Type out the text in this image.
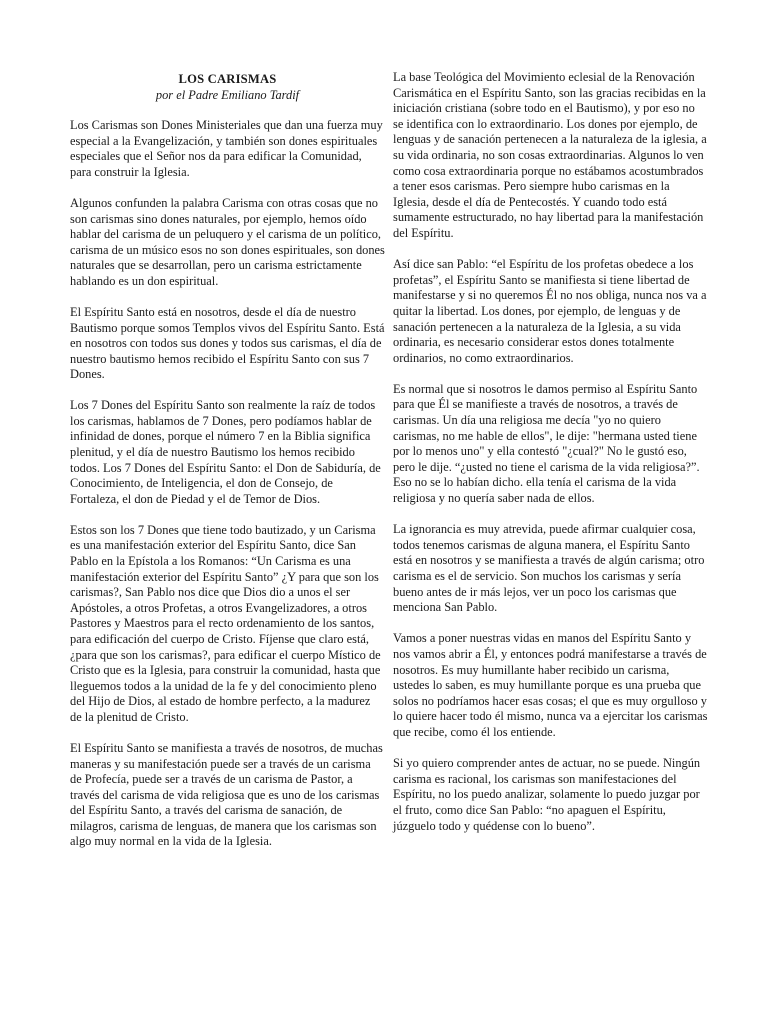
LOS CARISMAS
por el Padre Emiliano Tardif

Los Carismas son Dones Ministeriales que dan una fuerza muy especial a la Evangelización, y también son dones espirituales especiales que el Señor nos da para edificar la Comunidad, para construir la Iglesia.

Algunos confunden la palabra Carisma con otras cosas que no son carismas sino dones naturales, por ejemplo, hemos oído hablar del carisma de un peluquero y el carisma de un político, carisma de un músico esos no son dones espirituales, son dones naturales que se desarrollan, pero un carisma estrictamente hablando es un don espiritual.

El Espíritu Santo está en nosotros, desde el día de nuestro Bautismo porque somos Templos vivos del Espíritu Santo. Está en nosotros con todos sus dones y todos sus carismas, el día de nuestro bautismo hemos recibido el Espíritu Santo con sus 7 Dones.

Los 7 Dones del Espíritu Santo son realmente la raíz de todos los carismas, hablamos de 7 Dones, pero podíamos hablar de infinidad de dones, porque el número 7 en la Biblia significa plenitud, y el día de nuestro Bautismo los hemos recibido todos. Los 7 Dones del Espíritu Santo: el Don de Sabiduría, de Conocimiento, de Inteligencia, el don de Consejo, de Fortaleza, el don de Piedad y el de Temor de Dios.

Estos son los 7 Dones que tiene todo bautizado, y un Carisma es una manifestación exterior del Espíritu Santo, dice San Pablo en la Epístola a los Romanos: “Un Carisma es una manifestación exterior del Espíritu Santo” ¿Y para que son los carismas?, San Pablo nos dice que Dios dio a unos el ser Apóstoles, a otros Profetas, a otros Evangelizadores, a otros Pastores y Maestros para el recto ordenamiento de los santos, para edificación del cuerpo de Cristo. Fíjense que claro está, ¿para que son los carismas?, para edificar el cuerpo Místico de Cristo que es la Iglesia, para construir la comunidad, hasta que lleguemos todos a la unidad de la fe y del conocimiento pleno del Hijo de Dios, al estado de hombre perfecto, a la madurez de la plenitud de Cristo.

El Espíritu Santo se manifiesta a través de nosotros, de muchas maneras y su manifestación puede ser a través de un carisma de Profecía, puede ser a través de un carisma de Pastor, a través del carisma de vida religiosa que es uno de los carismas del Espíritu Santo, a través del carisma de sanación, de milagros, carisma de lenguas, de manera que los carismas son algo muy normal en la vida de la Iglesia.

La base Teológica del Movimiento eclesial de la Renovación Carismática en el Espíritu Santo, son las gracias recibidas en la iniciación cristiana (sobre todo en el Bautismo), y por eso no se identifica con lo extraordinario. Los dones por ejemplo, de lenguas y de sanación pertenecen a la naturaleza de la iglesia, a su vida ordinaria, no son cosas extraordinarias. Algunos lo ven como cosa extraordinaria porque no estábamos acostumbrados a tener esos carismas. Pero siempre hubo carismas en la Iglesia, desde el día de Pentecostés. Y cuando todo está sumamente estructurado, no hay libertad para la manifestación del Espíritu.

Así dice san Pablo: “el Espíritu de los profetas obedece a los profetas”, el Espíritu Santo se manifiesta si tiene libertad de manifestarse y si no queremos Él no nos obliga, nunca nos va a quitar la libertad. Los dones, por ejemplo, de lenguas y de sanación pertenecen a la naturaleza de la Iglesia, a su vida ordinaria, es necesario considerar estos dones totalmente ordinarios, no como extraordinarios.

Es normal que si nosotros le damos permiso al Espíritu Santo para que Él se manifieste a través de nosotros, a través de carismas. Un día una religiosa me decía "yo no quiero carismas, no me hable de ellos", le dije: "hermana usted tiene por lo menos uno" y ella contestó "¿cual?" No le gustó eso, pero le dije. “¿usted no tiene el carisma de la vida religiosa?”. Eso no se lo habían dicho. ella tenía el carisma de la vida religiosa y no quería saber nada de ellos.

La ignorancia es muy atrevida, puede afirmar cualquier cosa, todos tenemos carismas de alguna manera, el Espíritu Santo está en nosotros y se manifiesta a través de algún carisma; otro carisma es el de servicio. Son muchos los carismas y sería bueno antes de ir más lejos, ver un poco los carismas que menciona San Pablo.

Vamos a poner nuestras vidas en manos del Espíritu Santo y nos vamos abrir a Él, y entonces podrá manifestarse a través de nosotros. Es muy humillante haber recibido un carisma, ustedes lo saben, es muy humillante porque es una prueba que solos no podríamos hacer esas cosas; el que es muy orgulloso y lo quiere hacer todo él mismo, nunca va a ejercitar los carismas que recibe, como él los entiende.

Si yo quiero comprender antes de actuar, no se puede. Ningún carisma es racional, los carismas son manifestaciones del Espíritu, no los puedo analizar, solamente lo puedo juzgar por el fruto, como dice San Pablo: “no apaguen el Espíritu, júzguelo todo y quédense con lo bueno”.
